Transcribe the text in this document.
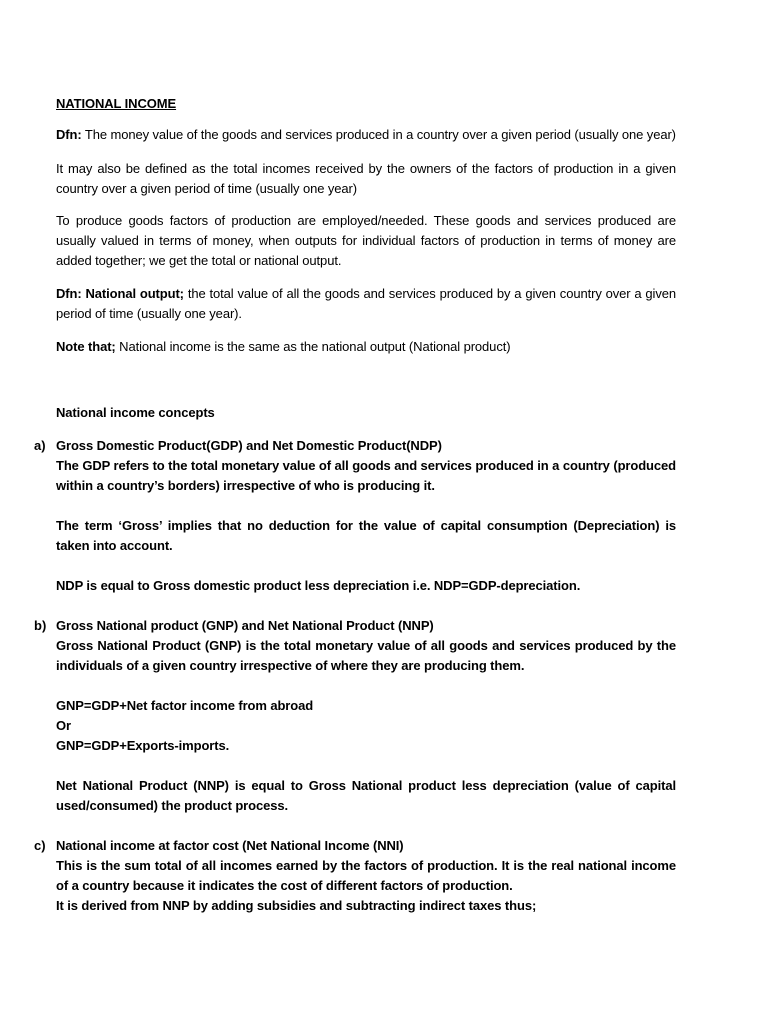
NATIONAL INCOME
Dfn: The money value of the goods and services produced in a country over a given period (usually one year)
It may also be defined as the total incomes received by the owners of the factors of production in a given country over a given period of time (usually one year)
To produce goods factors of production are employed/needed. These goods and services produced are usually valued in terms of money, when outputs for individual factors of production in terms of money are added together; we get the total or national output.
Dfn: National output; the total value of all the goods and services produced by a given country over a given period of time (usually one year).
Note that; National income is the same as the national output (National product)
National income concepts
a) Gross Domestic Product(GDP) and Net Domestic Product(NDP)
The GDP refers to the total monetary value of all goods and services produced in a country (produced within a country’s borders) irrespective of who is producing it.
The term ‘Gross’ implies that no deduction for the value of capital consumption (Depreciation) is taken into account.
NDP is equal to Gross domestic product less depreciation i.e. NDP=GDP-depreciation.
b) Gross National product (GNP) and Net National Product (NNP)
Gross National Product (GNP) is the total monetary value of all goods and services produced by the individuals of a given country irrespective of where they are producing them.
GNP=GDP+Net factor income from abroad
Or
GNP=GDP+Exports-imports.
Net National Product (NNP) is equal to Gross National product less depreciation (value of capital used/consumed) the product process.
c) National income at factor cost (Net National Income (NNI)
This is the sum total of all incomes earned by the factors of production. It is the real national income of a country because it indicates the cost of different factors of production.
It is derived from NNP by adding subsidies and subtracting indirect taxes thus;
